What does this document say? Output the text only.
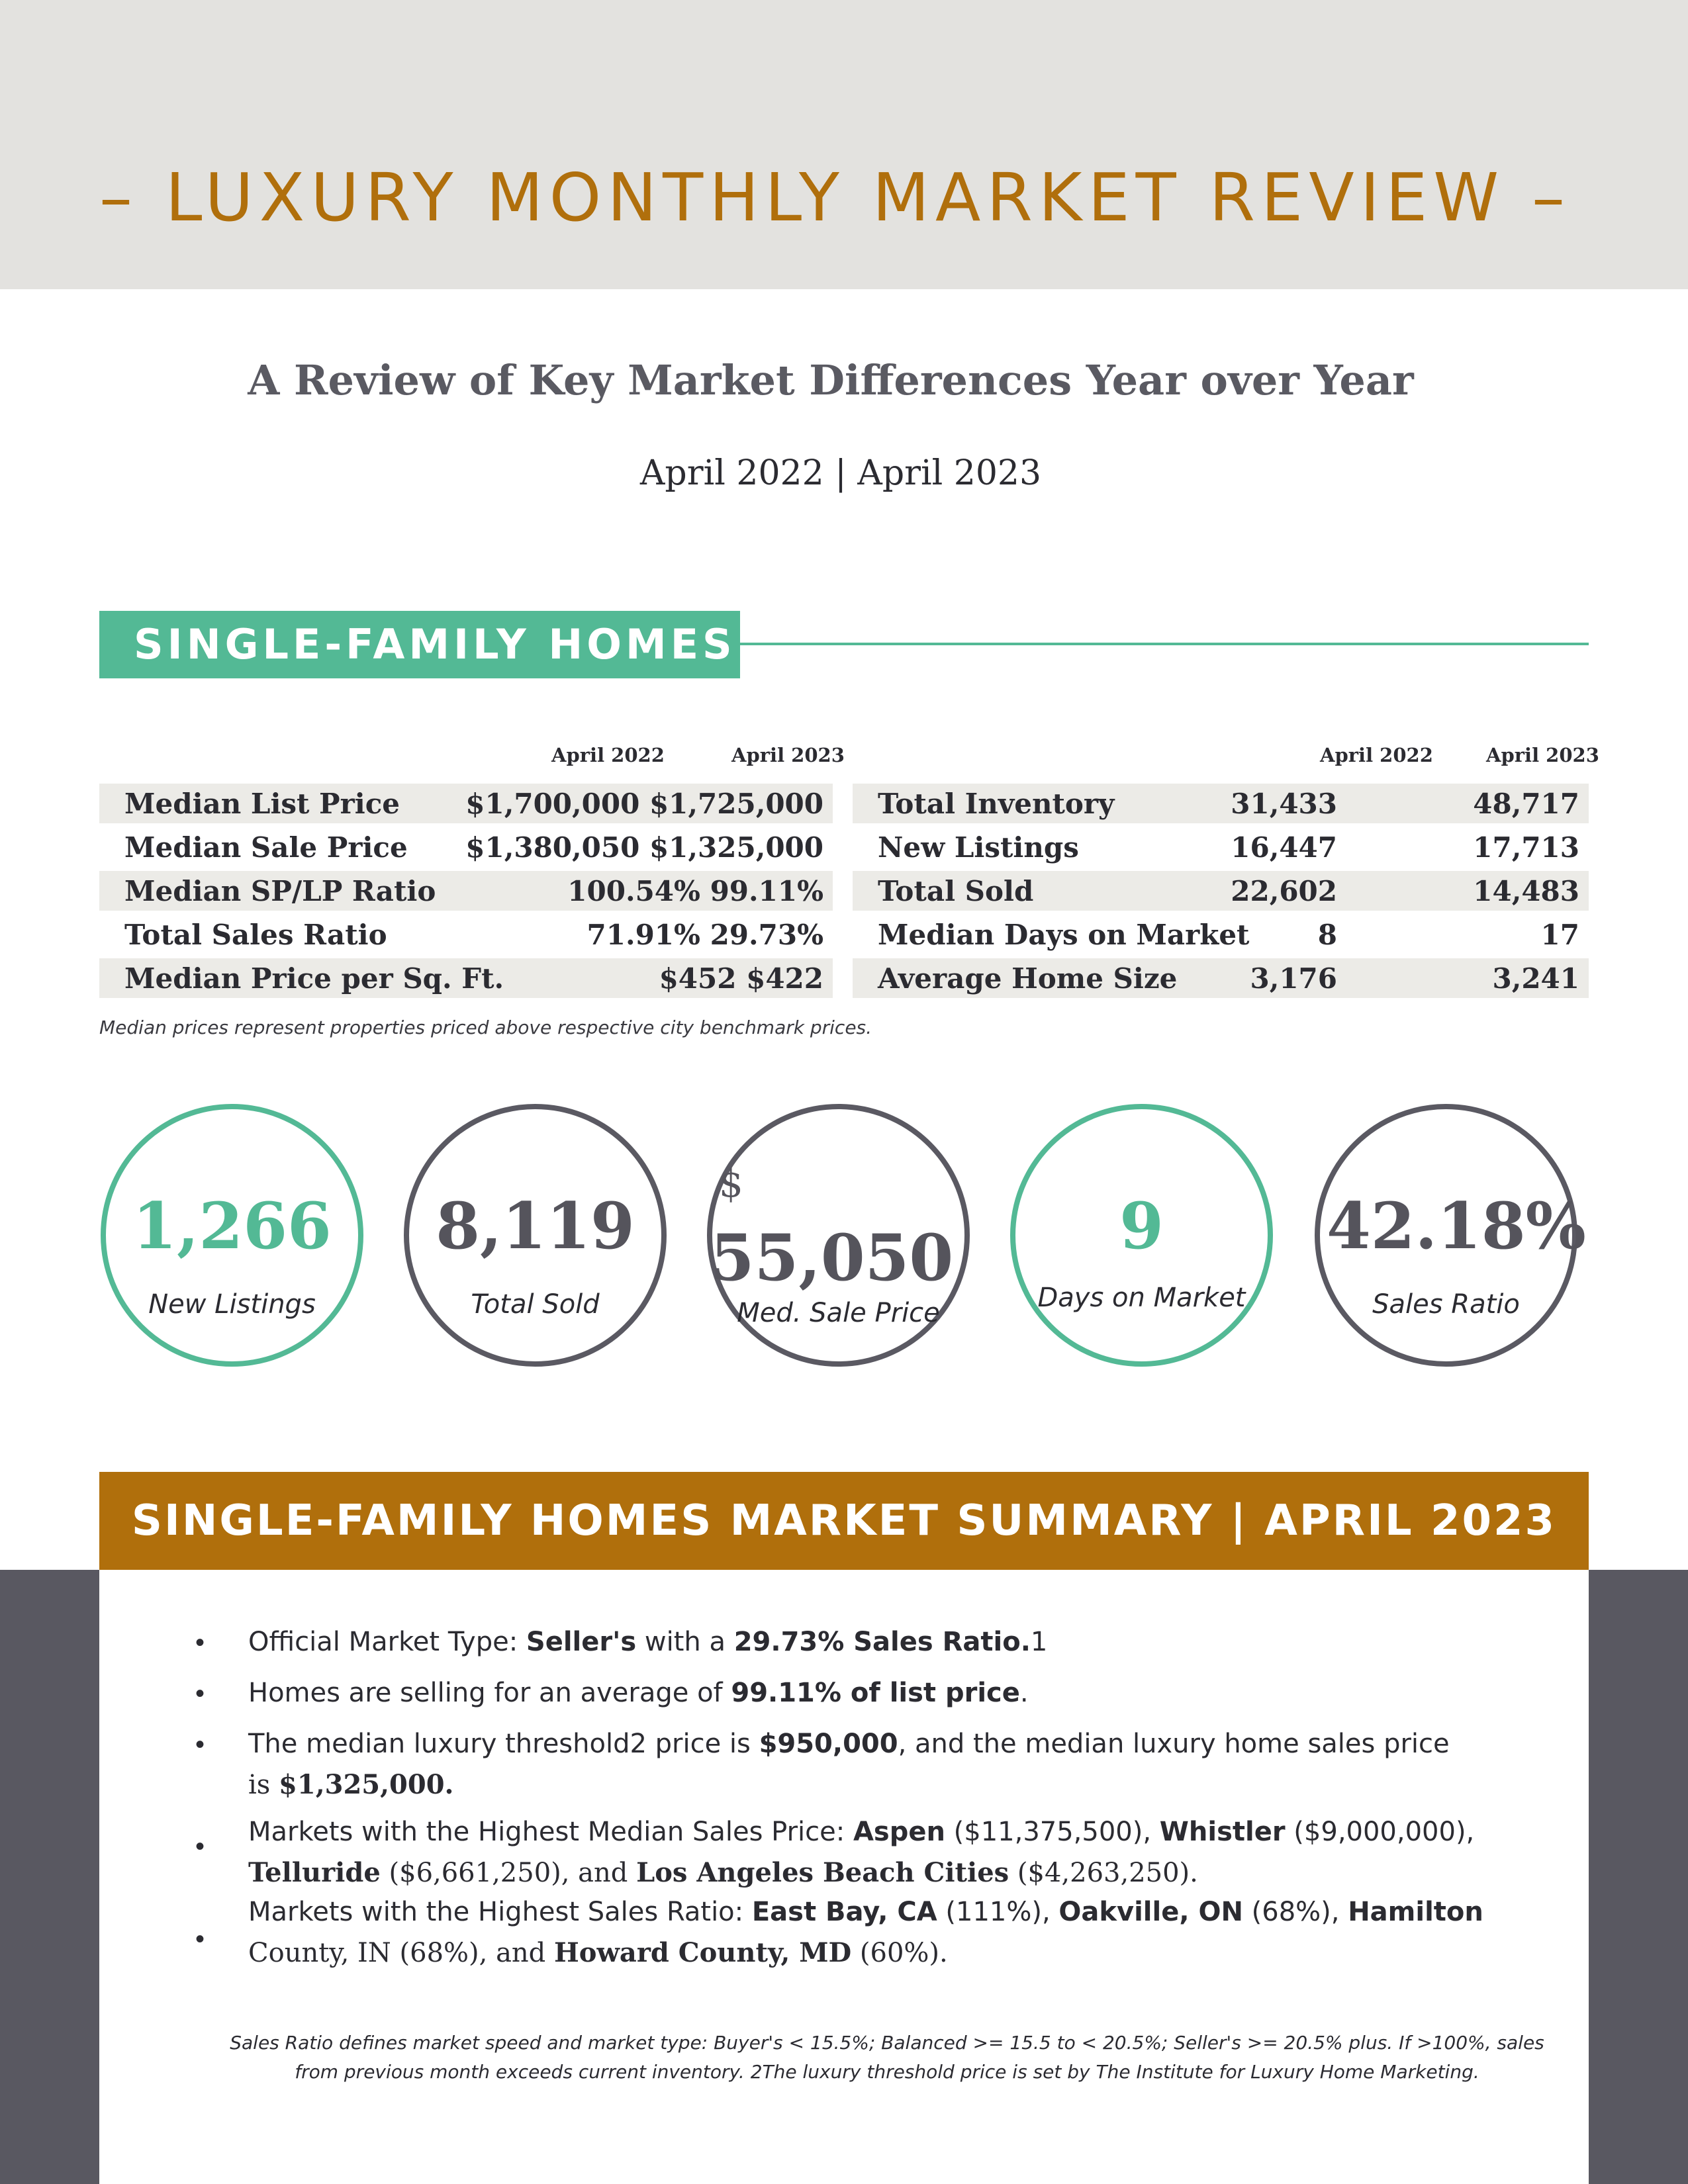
– LUXURY MONTHLY MARKET REVIEW –
A Review of Key Market Differences Year over Year
April 2022 | April 2023
SINGLE-FAMILY HOMES
April 2022	April 2023	April 2022	April 2023
Median List Price $1,700,000 $1,725,000
Median Sale Price $1,380,050 $1,325,000
Median SP/LP Ratio	100.54% 99.11%
Total Sales Ratio	71.91% 29.73%
Median Price per Sq. Ft.	$452 $422
Total Inventory	31,433	48,717
New Listings	16,447	17,713
Total Sold	22,602	14,483
Median Days on Market 8	17
Average Home Size	3,176	3,241
Median prices represent properties priced above respective city benchmark prices.
1,266
New Listings
8,119
Total Sold
$
55,050
Med. Sale Price
9
Days on Market
42.18%
Sales Ratio
SINGLE-FAMILY HOMES MARKET SUMMARY | APRIL 2023
• Official Market Type: Seller's with a 29.73% Sales Ratio.1
• Homes are selling for an average of 99.11% of list price.
• The median luxury threshold2 price is $950,000, and the median luxury home sales price
is $1,325,000.
• Markets with the Highest Median Sales Price: Aspen ($11,375,500), Whistler ($9,000,000),
Telluride ($6,661,250), and Los Angeles Beach Cities ($4,263,250).
•
Markets with the Highest Sales Ratio: East Bay, CA (111%), Oakville, ON (68%), Hamilton
County, IN (68%), and Howard County, MD (60%).
Sales Ratio defines market speed and market type: Buyer's < 15.5%; Balanced >= 15.5 to < 20.5%; Seller's >= 20.5% plus. If >100%, sales from previous month exceeds current inventory. 2The luxury threshold price is set by The Institute for Luxury Home Marketing.
